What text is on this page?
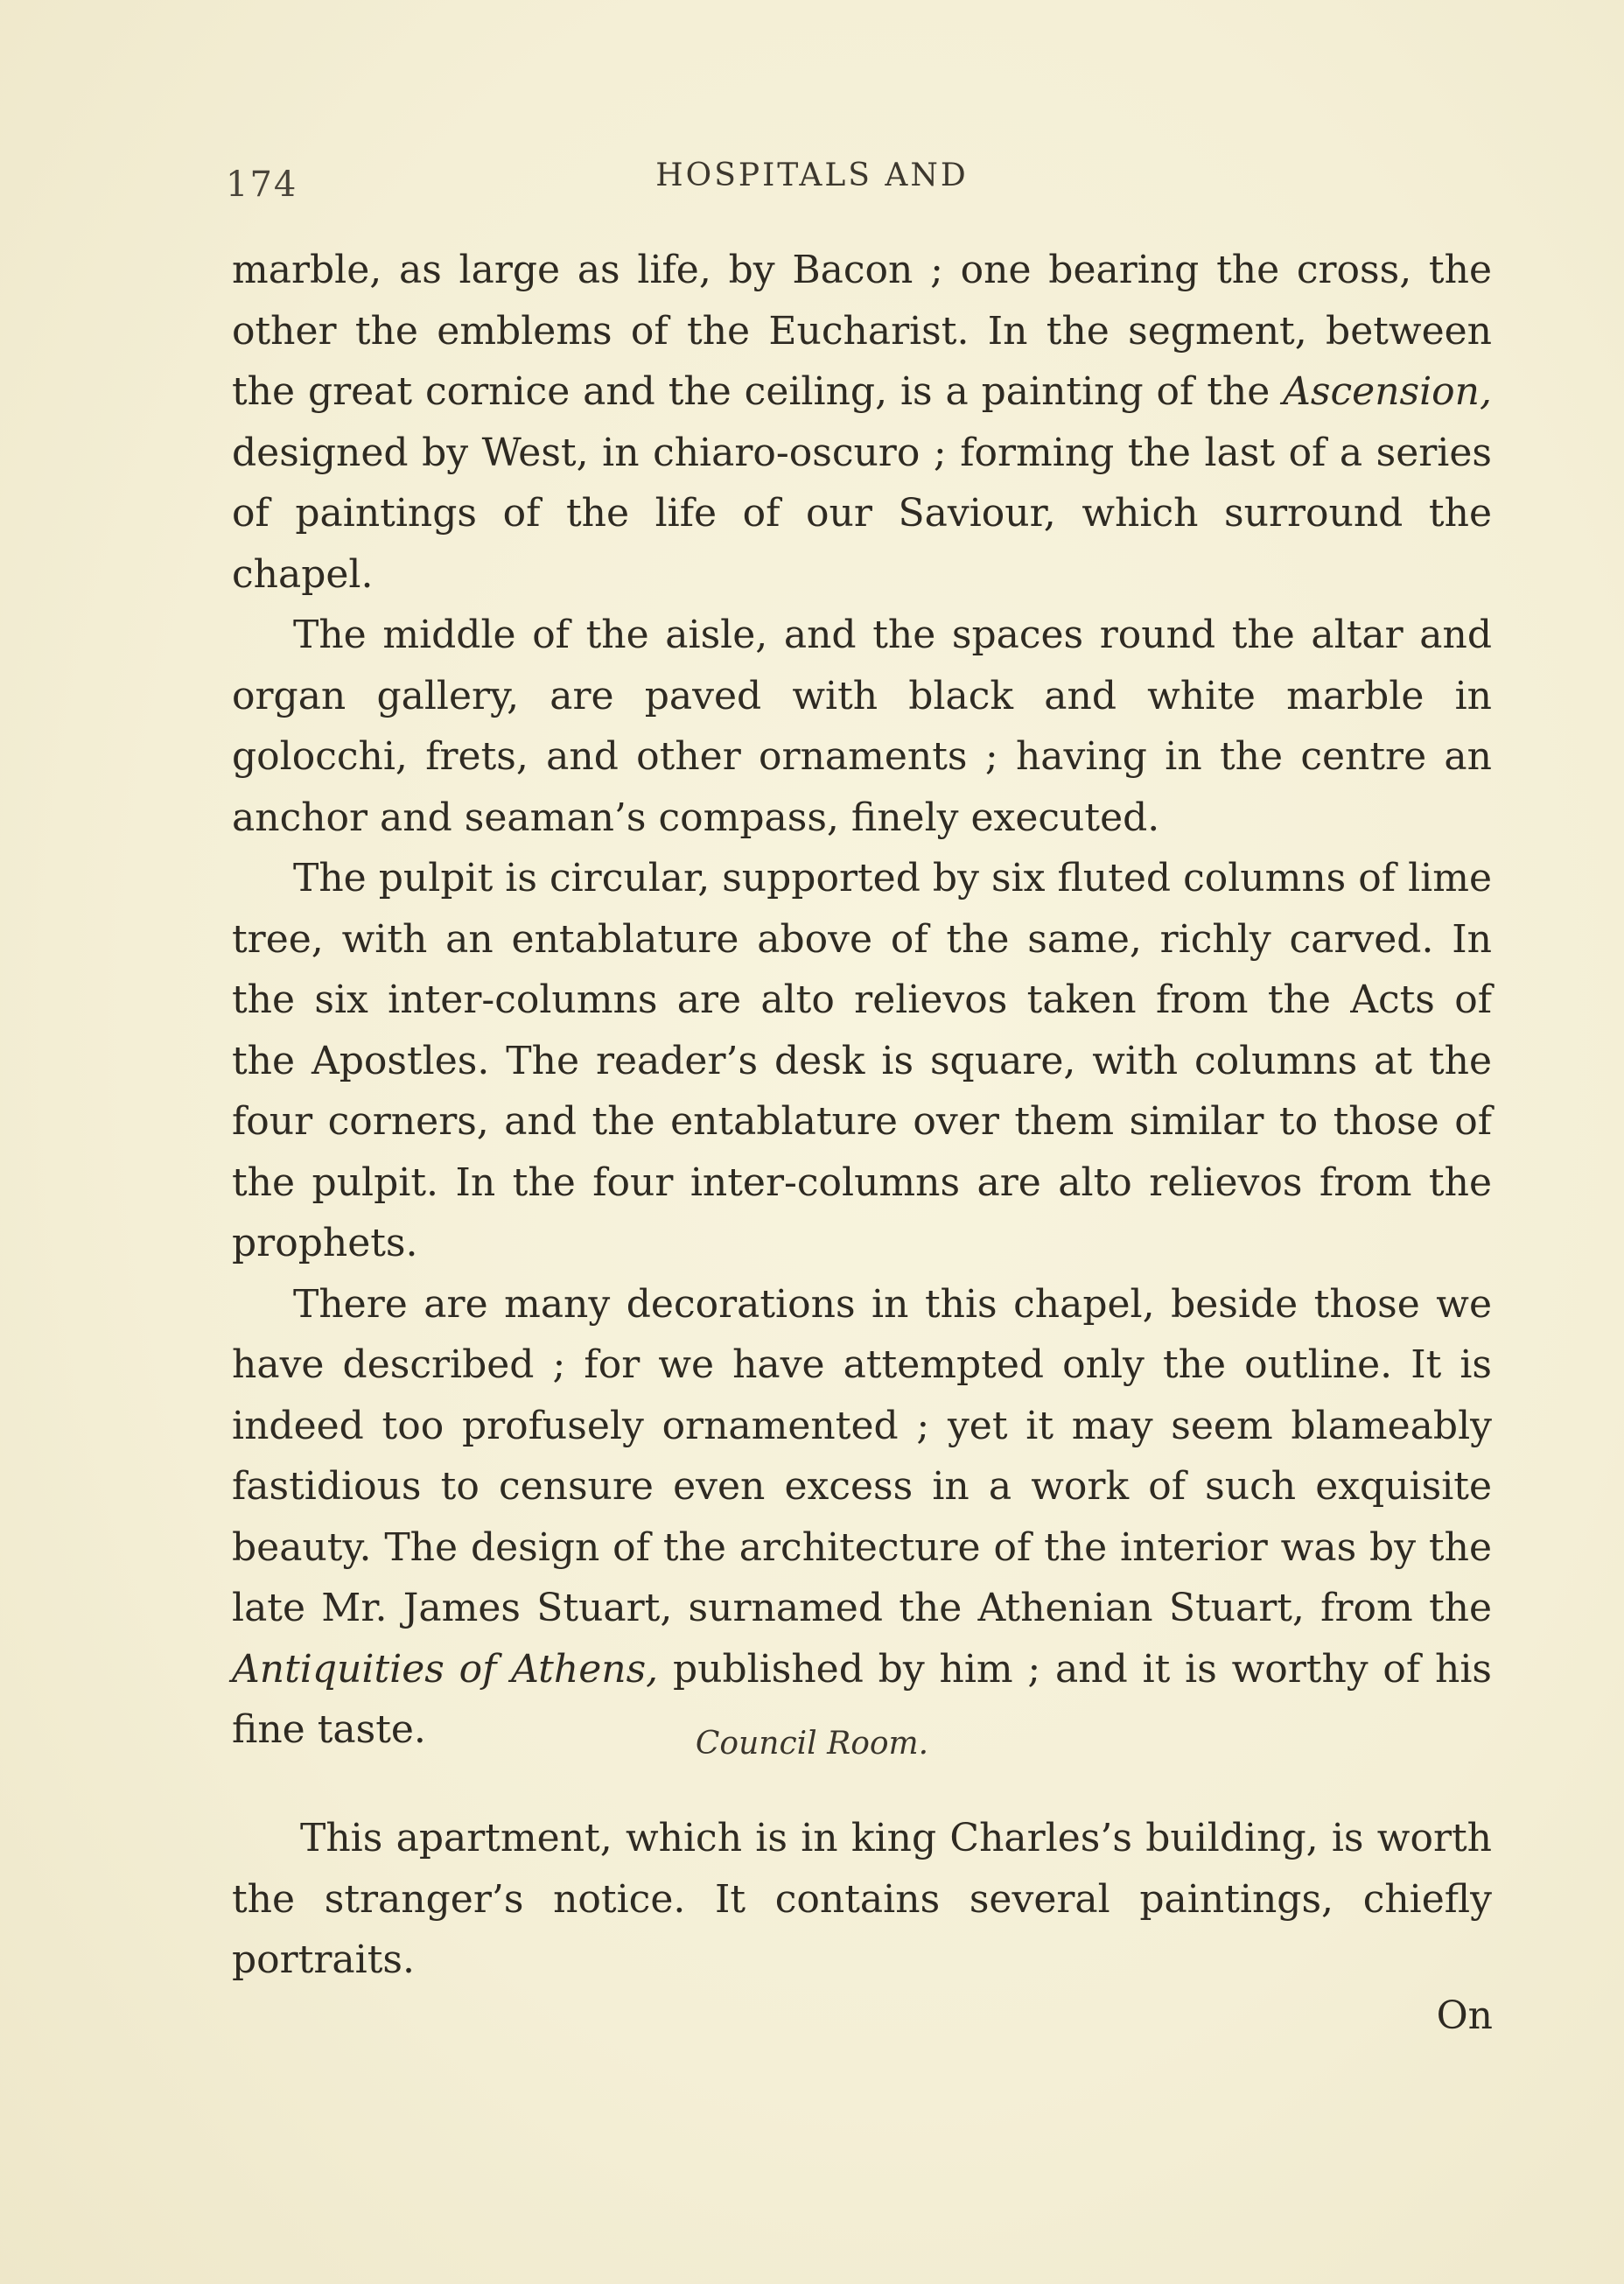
174	HOSPITALS AND

marble, as large as life, by Bacon ; one bearing the cross, the other the emblems of the Eucharist. In the segment, between the great cornice and the ceiling, is a painting of the Ascension, designed by West, in chiaro-oscuro ; forming the last of a series of paintings of the life of our Saviour, which surround the chapel.

The middle of the aisle, and the spaces round the altar and organ gallery, are paved with black and white marble in golocchi, frets, and other ornaments ; having in the centre an anchor and seaman’s compass, finely executed.

The pulpit is circular, supported by six fluted columns of lime tree, with an entablature above of the same, richly carved. In the six inter-columns are alto relievos taken from the Acts of the Apostles. The reader’s desk is square, with columns at the four corners, and the entablature over them similar to those of the pulpit. In the four inter-columns are alto relievos from the prophets.

There are many decorations in this chapel, beside those we have described ; for we have attempted only the outline. It is indeed too profusely ornamented ; yet it may seem blameably fastidious to censure even excess in a work of such exquisite beauty. The design of the architecture of the interior was by the late Mr. James Stuart, surnamed the Athenian Stuart, from the Antiquities of Athens, published by him ; and it is worthy of his fine taste.	Council Room.

This apartment, which is in king Charles’s building, is worth the stranger’s notice. It contains several paintings, chiefly portraits.

On
